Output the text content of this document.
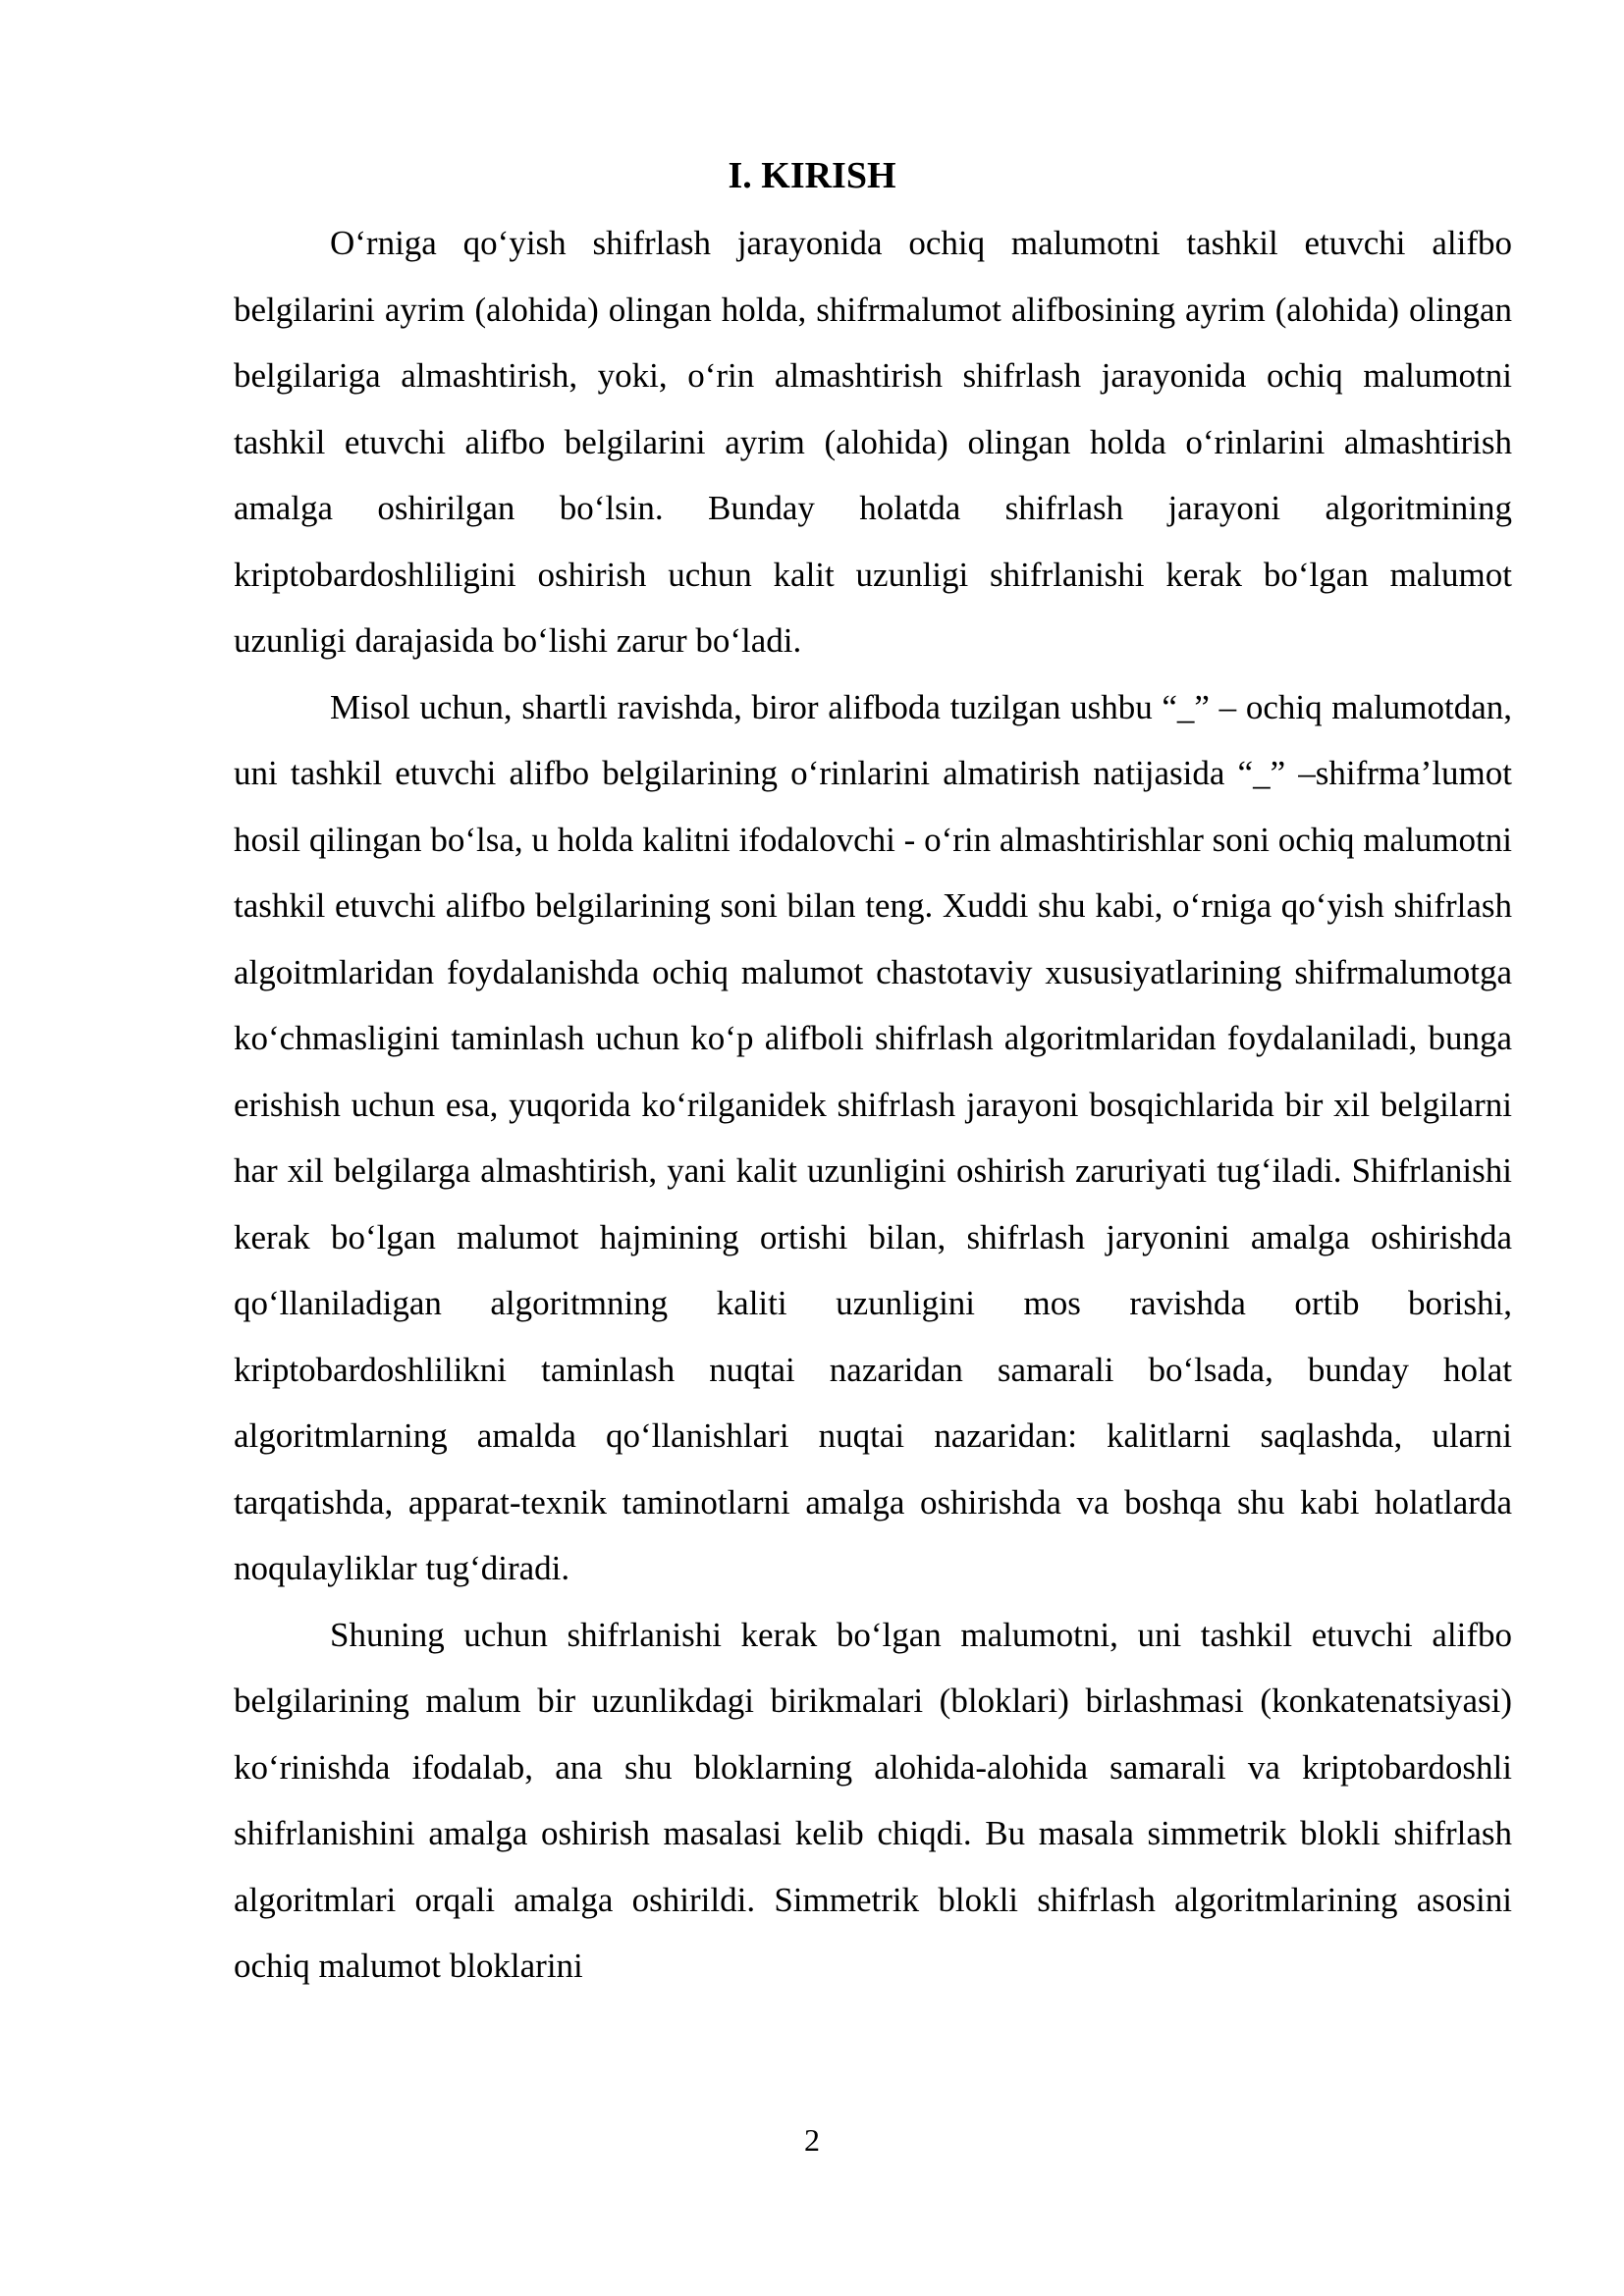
I. KIRISH

O‘rniga qo‘yish shifrlash jarayonida ochiq malumotni tashkil etuvchi alifbo belgilarini ayrim (alohida) olingan holda, shifrmalumot alifbosining ayrim (alohida) olingan belgilariga almashtirish, yoki, o‘rin almashtirish shifrlash jarayonida ochiq malumotni tashkil etuvchi alifbo belgilarini ayrim (alohida) olingan holda o‘rinlarini almashtirish amalga oshirilgan bo‘lsin. Bunday holatda shifrlash jarayoni algoritmining kriptobardoshliligini oshirish uchun kalit uzunligi shifrlanishi kerak bo‘lgan malumot uzunligi darajasida bo‘lishi zarur bo‘ladi.

Misol uchun, shartli ravishda, biror alifboda tuzilgan ushbu “_” – ochiq malumotdan, uni tashkil etuvchi alifbo belgilarining o‘rinlarini almatirish natijasida “_” –shifrma’lumot hosil qilingan bo‘lsa, u holda kalitni ifodalovchi - o‘rin almashtirishlar soni ochiq malumotni tashkil etuvchi alifbo belgilarining soni bilan teng. Xuddi shu kabi, o‘rniga qo‘yish shifrlash algoitmlaridan foydalanishda ochiq malumot chastotaviy xususiyatlarining shifrmalumotga ko‘chmasligini taminlash uchun ko‘p alifboli shifrlash algoritmlaridan foydalaniladi, bunga erishish uchun esa, yuqorida ko‘rilganidek shifrlash jarayoni bosqichlarida bir xil belgilarni har xil belgilarga almashtirish, yani kalit uzunligini oshirish zaruriyati tug‘iladi. Shifrlanishi kerak bo‘lgan malumot hajmining ortishi bilan, shifrlash jaryonini amalga oshirishda qo‘llaniladigan algoritmning kaliti uzunligini mos ravishda ortib borishi, kriptobardoshlilikni taminlash nuqtai nazaridan samarali bo‘lsada, bunday holat algoritmlarning amalda qo‘llanishlari nuqtai nazaridan: kalitlarni saqlashda, ularni tarqatishda, apparat-texnik taminotlarni amalga oshirishda va boshqa shu kabi holatlarda noqulayliklar tug‘diradi.

Shuning uchun shifrlanishi kerak bo‘lgan malumotni, uni tashkil etuvchi alifbo belgilarining malum bir uzunlikdagi birikmalari (bloklari) birlashmasi (konkatenatsiyasi) ko‘rinishda ifodalab, ana shu bloklarning alohida-alohida samarali va kriptobardoshli shifrlanishini amalga oshirish masalasi kelib chiqdi. Bu masala simmetrik blokli shifrlash algoritmlari orqali amalga oshirildi. Simmetrik blokli shifrlash algoritmlarining asosini ochiq malumot bloklarini

2
